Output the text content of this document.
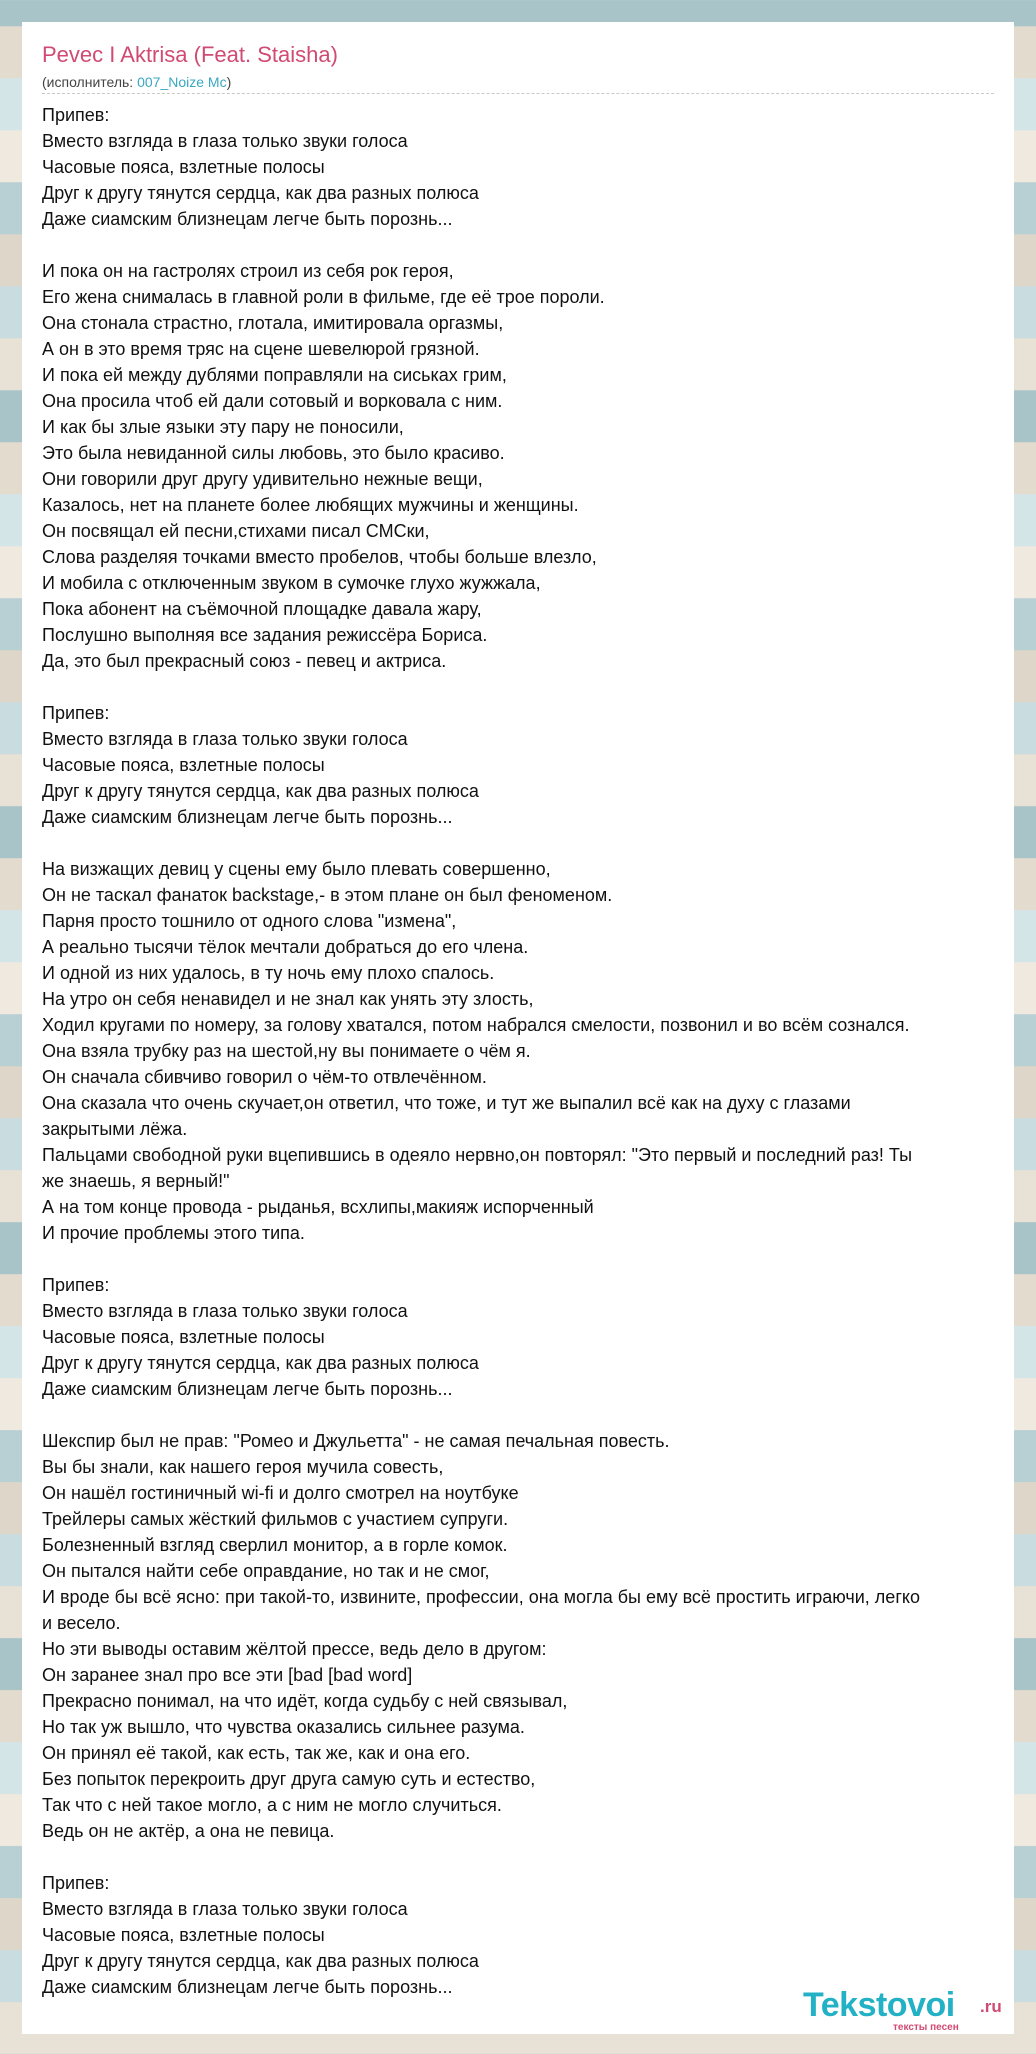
Pevec I Aktrisa (Feat. Staisha)
(исполнитель: 007_Noize Mc)
Припев:
Вместо взгляда в глаза только звуки голоса
Часовые пояса, взлетные полосы
Друг к другу тянутся сердца, как два разных полюса
Даже сиамским близнецам легче быть порознь...
И пока он на гастролях строил из себя рок героя,
Его жена снималась в главной роли в фильме, где её трое пороли.
Она стонала страстно, глотала, имитировала оргазмы,
А он в это время тряс на сцене шевелюрой грязной.
И пока ей между дублями поправляли на сиськах грим,
Она просила чтоб ей дали сотовый и ворковала с ним.
И как бы злые языки эту пару не поносили,
Это была невиданной силы любовь, это было красиво.
Они говорили друг другу удивительно нежные вещи,
Казалось, нет на планете более любящих мужчины и женщины.
Он посвящал ей песни,стихами писал СМСки,
Слова разделяя точками вместо пробелов, чтобы больше влезло,
И мобила с отключенным звуком в сумочке глухо жужжала,
Пока абонент на съёмочной площадке давала жару,
Послушно выполняя все задания режиссёра Бориса.
Да, это был прекрасный союз - певец и актриса.
Припев:
Вместо взгляда в глаза только звуки голоса
Часовые пояса, взлетные полосы
Друг к другу тянутся сердца, как два разных полюса
Даже сиамским близнецам легче быть порознь...
На визжащих девиц у сцены ему было плевать совершенно,
Он не таскал фанаток backstage,- в этом плане он был феноменом.
Парня просто тошнило от одного слова "измена",
А реально тысячи тёлок мечтали добраться до его члена.
И одной из них удалось, в ту ночь ему плохо спалось.
На утро он себя ненавидел и не знал как унять эту злость,
Ходил кругами по номеру, за голову хватался, потом набрался смелости, позвонил и во всём сознался.
Она взяла трубку раз на шестой,ну вы понимаете о чём я.
Он сначала сбивчиво говорил о чём-то отвлечённом.
Она сказала что очень скучает,он ответил, что тоже, и тут же выпалил всё как на духу с глазами
закрытыми лёжа.
Пальцами свободной руки вцепившись в одеяло нервно,он повторял: "Это первый и последний раз! Ты
же знаешь, я верный!"
А на том конце провода - рыданья, всхлипы,макияж испорченный
И прочие проблемы этого типа.
Припев:
Вместо взгляда в глаза только звуки голоса
Часовые пояса, взлетные полосы
Друг к другу тянутся сердца, как два разных полюса
Даже сиамским близнецам легче быть порознь...
Шекспир был не прав: "Ромео и Джульетта" - не самая печальная повесть.
Вы бы знали, как нашего героя мучила совесть,
Он нашёл гостиничный wi-fi и долго смотрел на ноутбуке
Трейлеры самых жёсткий фильмов с участием супруги.
Болезненный взгляд сверлил монитор, а в горле комок.
Он пытался найти себе оправдание, но так и не смог,
И вроде бы всё ясно: при такой-то, извините, профессии, она могла бы ему всё простить играючи, легко
и весело.
Но эти выводы оставим жёлтой прессе, ведь дело в другом:
Он заранее знал про все эти [bad [bad word]
Прекрасно понимал, на что идёт, когда судьбу с ней связывал,
Но так уж вышло, что чувства оказались сильнее разума.
Он принял её такой, как есть, так же, как и она его.
Без попыток перекроить друг друга самую суть и естество,
Так что с ней такое могло, а с ним не могло случиться.
Ведь он не актёр, а она не певица.
Припев:
Вместо взгляда в глаза только звуки голоса
Часовые пояса, взлетные полосы
Друг к другу тянутся сердца, как два разных полюса
Даже сиамским близнецам легче быть порознь...	Tekstovoi .ru
тексты песен
